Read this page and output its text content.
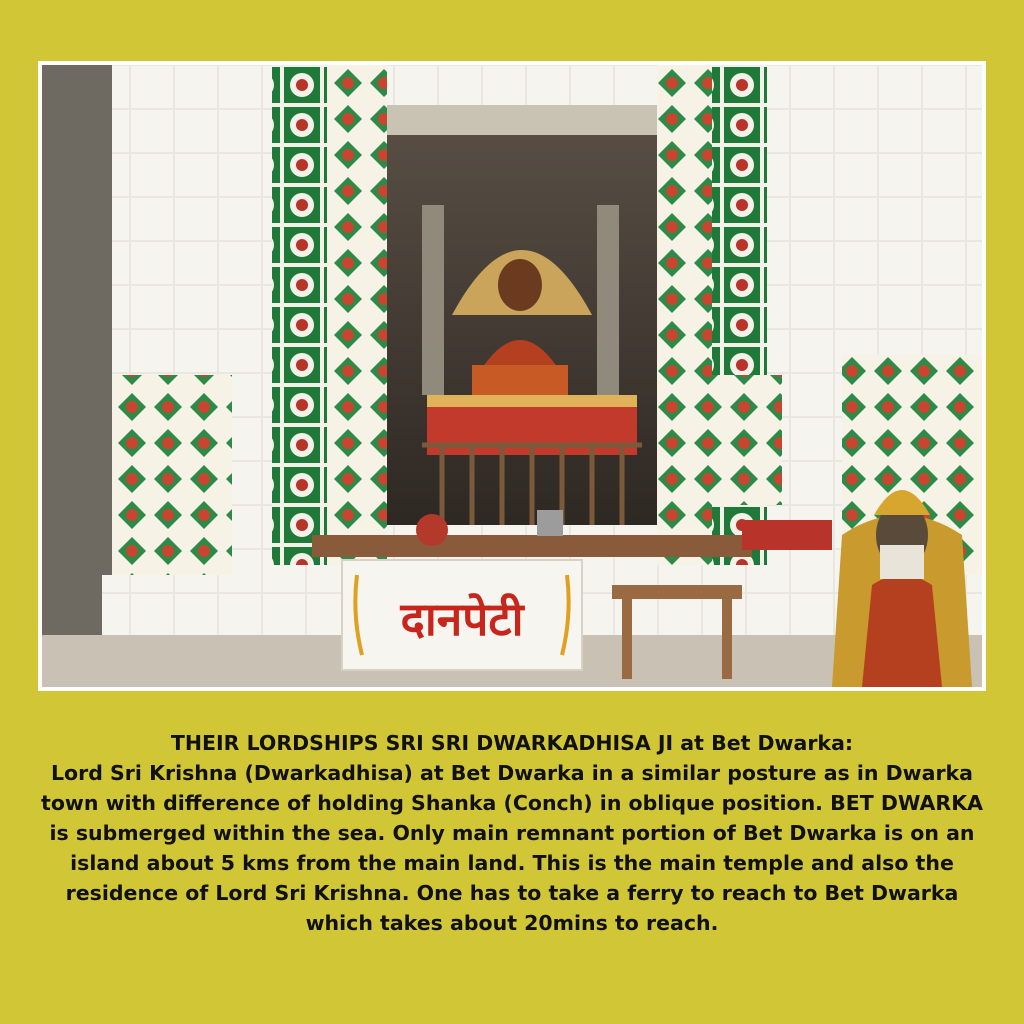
दानपेटी

THEIR LORDSHIPS SRI SRI DWARKADHISA JI at Bet Dwarka:

Lord Sri Krishna (Dwarkadhisa) at Bet Dwarka in a similar posture as in Dwarka town with difference of holding Shanka (Conch) in oblique position. BET DWARKA is submerged within the sea. Only main remnant portion of Bet Dwarka is on an island about 5 kms from the main land. This is the main temple and also the residence of Lord Sri Krishna. One has to take a ferry to reach to Bet Dwarka which takes about 20mins to reach.
